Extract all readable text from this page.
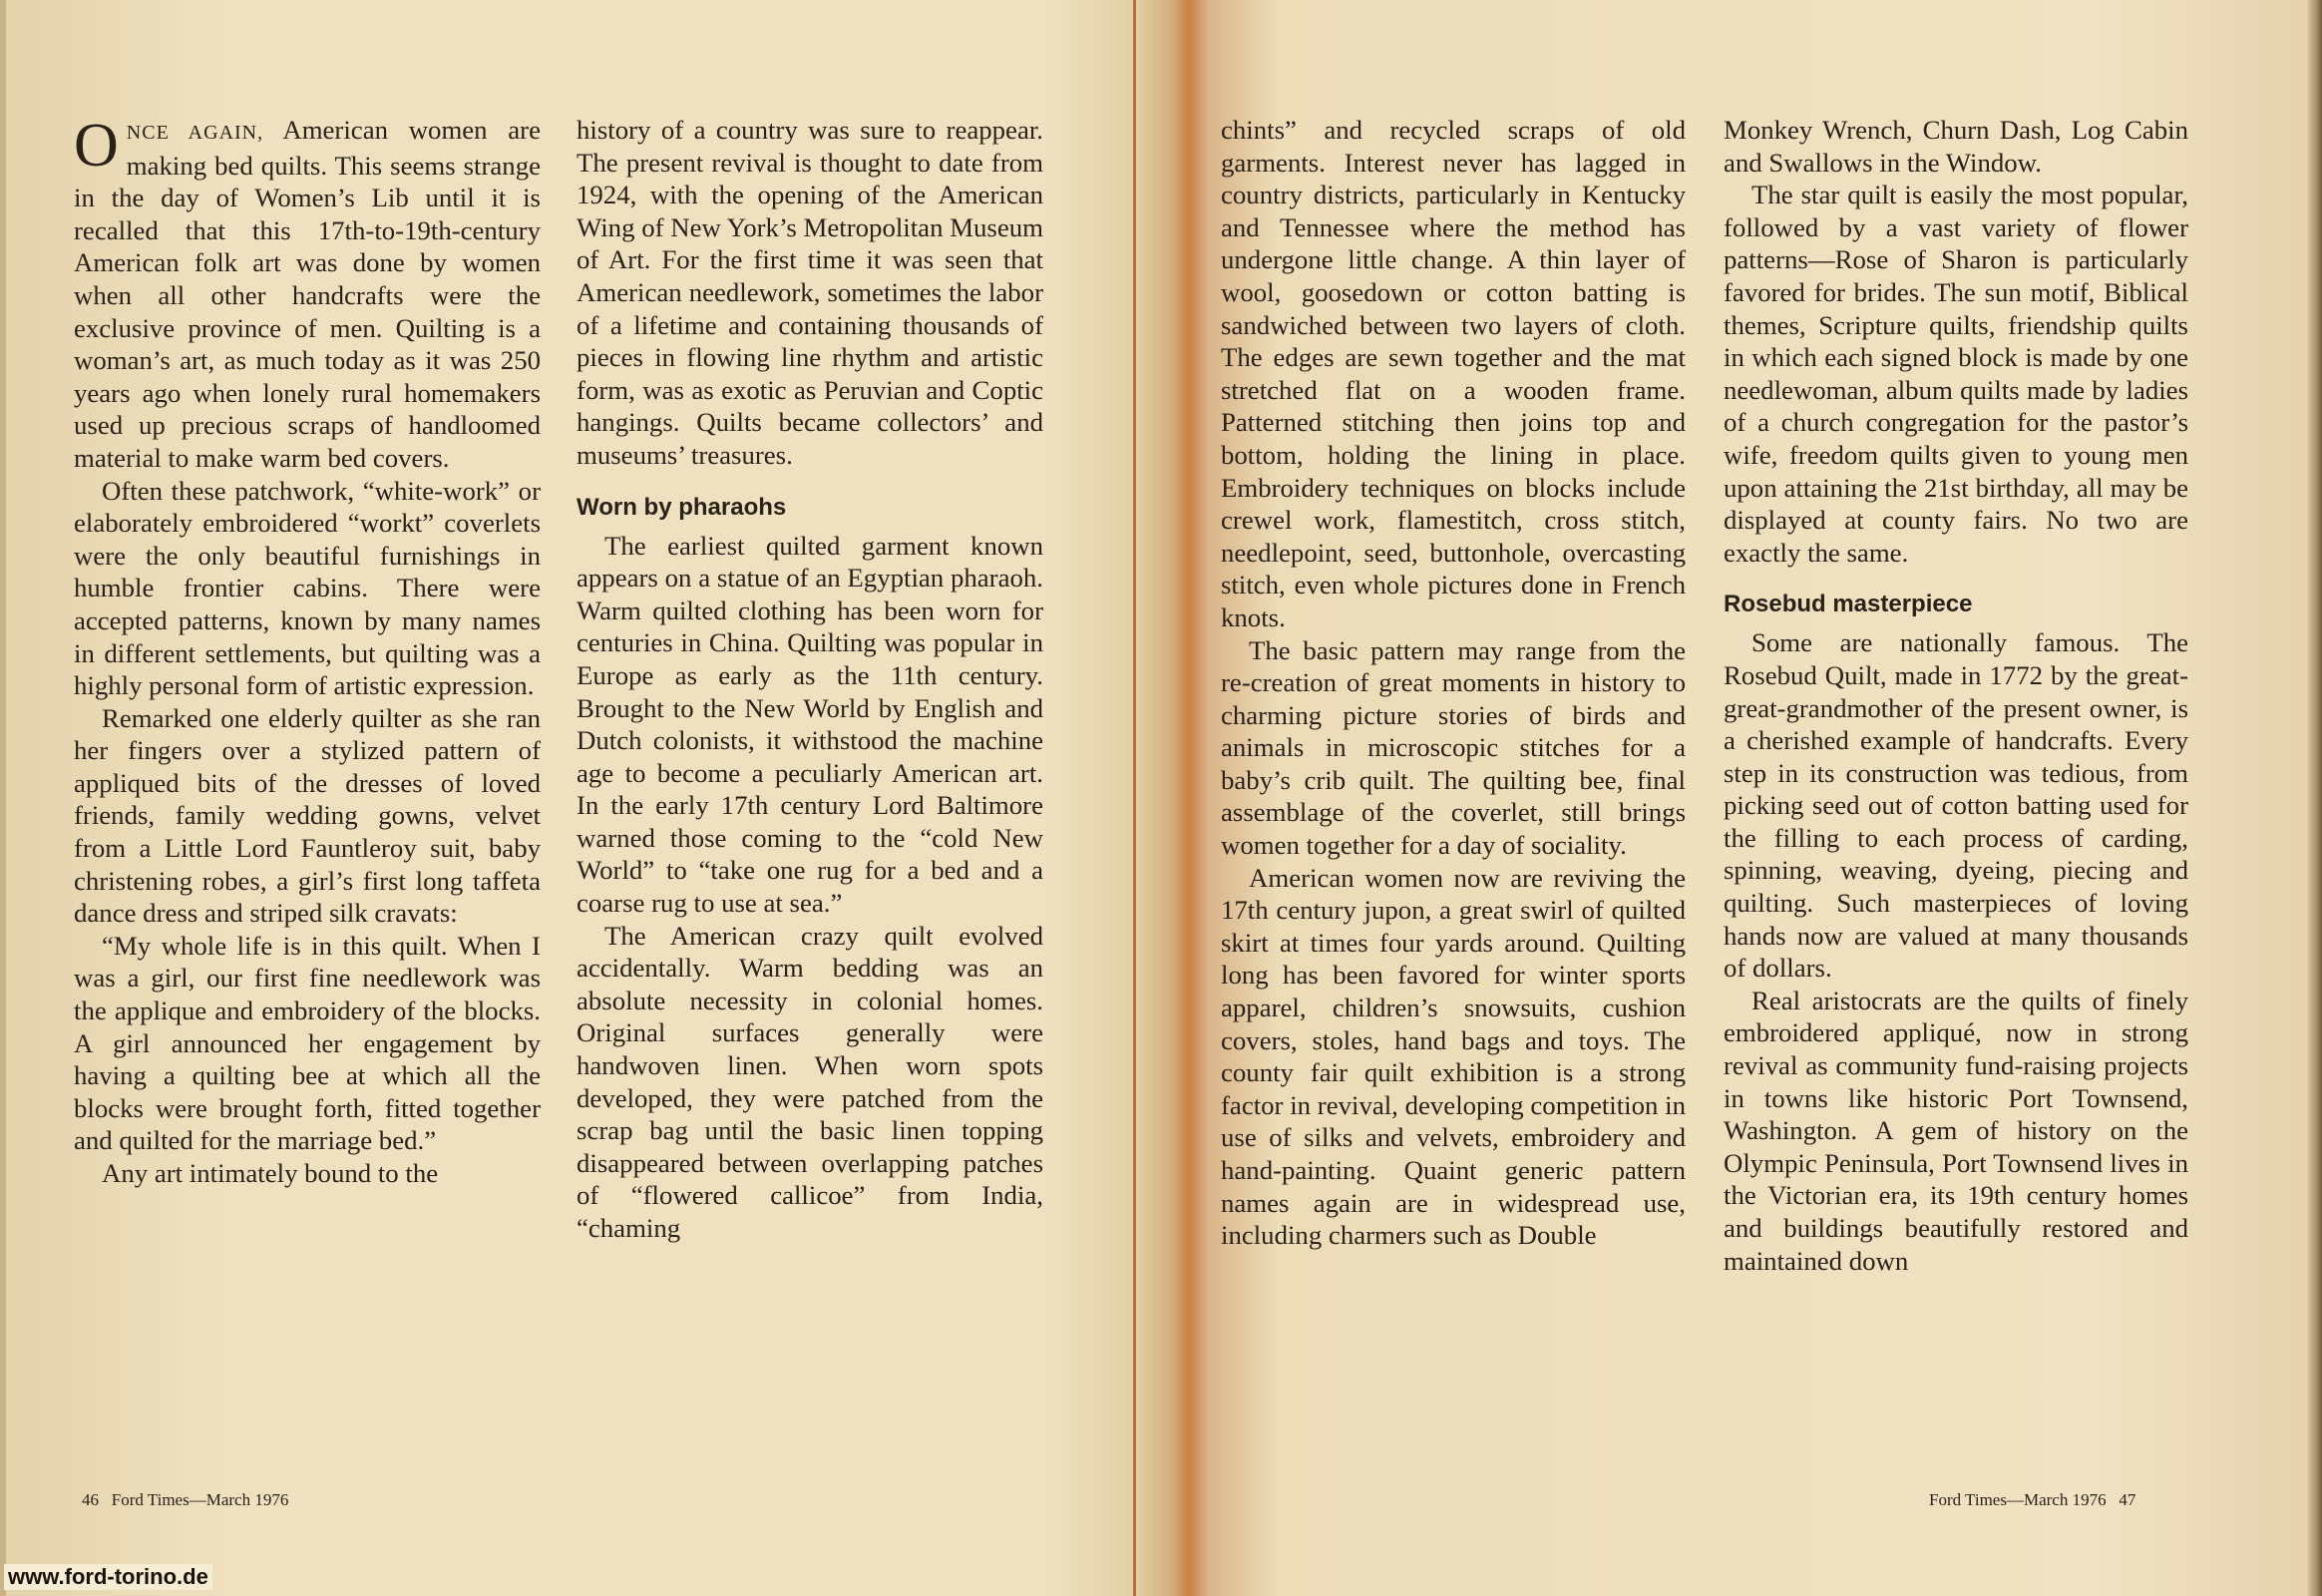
ONCE AGAIN, American women are making bed quilts. This seems strange in the day of Women’s Lib until it is recalled that this 17th-to-19th-century American folk art was done by women when all other handcrafts were the exclusive province of men. Quilting is a woman’s art, as much today as it was 250 years ago when lonely rural homemakers used up precious scraps of handloomed material to make warm bed covers.

Often these patchwork, “white-work” or elaborately embroidered “workt” coverlets were the only beautiful furnishings in humble frontier cabins. There were accepted patterns, known by many names in different settlements, but quilting was a highly personal form of artistic expression.

Remarked one elderly quilter as she ran her fingers over a stylized pattern of appliqued bits of the dresses of loved friends, family wedding gowns, velvet from a Little Lord Fauntleroy suit, baby christening robes, a girl’s first long taffeta dance dress and striped silk cravats:

“My whole life is in this quilt. When I was a girl, our first fine needlework was the applique and embroidery of the blocks. A girl announced her engagement by having a quilting bee at which all the blocks were brought forth, fitted together and quilted for the marriage bed.”

Any art intimately bound to the

history of a country was sure to reappear. The present revival is thought to date from 1924, with the opening of the American Wing of New York’s Metropolitan Museum of Art. For the first time it was seen that American needlework, sometimes the labor of a lifetime and containing thousands of pieces in flowing line rhythm and artistic form, was as exotic as Peruvian and Coptic hangings. Quilts became collectors’ and museums’ treasures.

Worn by pharaohs

The earliest quilted garment known appears on a statue of an Egyptian pharaoh. Warm quilted clothing has been worn for centuries in China. Quilting was popular in Europe as early as the 11th century. Brought to the New World by English and Dutch colonists, it withstood the machine age to become a peculiarly American art. In the early 17th century Lord Baltimore warned those coming to the “cold New World” to “take one rug for a bed and a coarse rug to use at sea.”

The American crazy quilt evolved accidentally. Warm bedding was an absolute necessity in colonial homes. Original surfaces generally were handwoven linen. When worn spots developed, they were patched from the scrap bag until the basic linen topping disappeared between overlapping patches of “flowered callicoe” from India, “chaming

chints” and recycled scraps of old garments. Interest never has lagged in country districts, particularly in Kentucky and Tennessee where the method has undergone little change. A thin layer of wool, goosedown or cotton batting is sandwiched between two layers of cloth. The edges are sewn together and the mat stretched flat on a wooden frame. Patterned stitching then joins top and bottom, holding the lining in place. Embroidery techniques on blocks include crewel work, flamestitch, cross stitch, needlepoint, seed, buttonhole, overcasting stitch, even whole pictures done in French knots.

The basic pattern may range from the re-creation of great moments in history to charming picture stories of birds and animals in microscopic stitches for a baby’s crib quilt. The quilting bee, final assemblage of the coverlet, still brings women together for a day of sociality.

American women now are reviving the 17th century jupon, a great swirl of quilted skirt at times four yards around. Quilting long has been favored for winter sports apparel, children’s snowsuits, cushion covers, stoles, hand bags and toys. The county fair quilt exhibition is a strong factor in revival, developing competition in use of silks and velvets, embroidery and hand-painting. Quaint generic pattern names again are in widespread use, including charmers such as Double

Monkey Wrench, Churn Dash, Log Cabin and Swallows in the Window.

The star quilt is easily the most popular, followed by a vast variety of flower patterns—Rose of Sharon is particularly favored for brides. The sun motif, Biblical themes, Scripture quilts, friendship quilts in which each signed block is made by one needlewoman, album quilts made by ladies of a church congregation for the pastor’s wife, freedom quilts given to young men upon attaining the 21st birthday, all may be displayed at county fairs. No two are exactly the same.

Rosebud masterpiece

Some are nationally famous. The Rosebud Quilt, made in 1772 by the great-great-grandmother of the present owner, is a cherished example of handcrafts. Every step in its construction was tedious, from picking seed out of cotton batting used for the filling to each process of carding, spinning, weaving, dyeing, piecing and quilting. Such masterpieces of loving hands now are valued at many thousands of dollars.

Real aristocrats are the quilts of finely embroidered appliqué, now in strong revival as community fund-raising projects in towns like historic Port Townsend, Washington. A gem of history on the Olympic Peninsula, Port Townsend lives in the Victorian era, its 19th century homes and buildings beautifully restored and maintained down

46   Ford Times—March 1976	Ford Times—March 1976   47
www.ford-torino.de
